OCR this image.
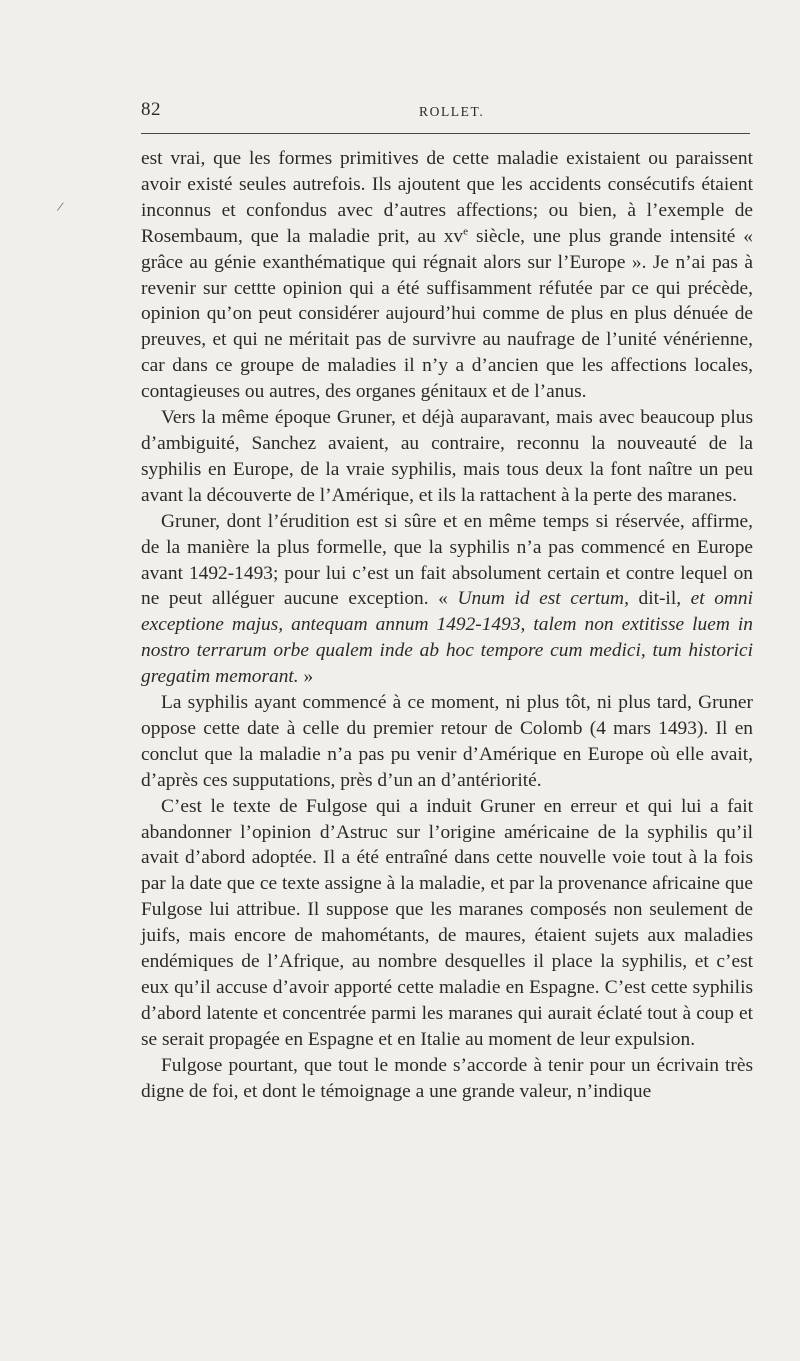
82	ROLLET.
/

est vrai, que les formes primitives de cette maladie existaient ou paraissent avoir existé seules autrefois. Ils ajoutent que les accidents consécutifs étaient inconnus et confondus avec d’autres affections; ou bien, à l’exemple de Rosembaum, que la maladie prit, au $xv^e$ siècle, une plus grande intensité « grâce au génie exanthématique qui régnait alors sur l’Europe ». Je n’ai pas à revenir sur cettte opinion qui a été suffisamment réfutée par ce qui précède, opinion qu’on peut considérer aujourd’hui comme de plus en plus dénuée de preuves, et qui ne méritait pas de survivre au naufrage de l’unité vénérienne, car dans ce groupe de maladies il n’y a d’ancien que les affections locales, contagieuses ou autres, des organes génitaux et de l’anus.

Vers la même époque Gruner, et déjà auparavant, mais avec beaucoup plus d’ambiguité, Sanchez avaient, au contraire, reconnu la nouveauté de la syphilis en Europe, de la vraie syphilis, mais tous deux la font naître un peu avant la découverte de l’Amérique, et ils la rattachent à la perte des maranes.

Gruner, dont l’érudition est si sûre et en même temps si réservée, affirme, de la manière la plus formelle, que la syphilis n’a pas commencé en Europe avant 1492-1493; pour lui c’est un fait absolument certain et contre lequel on ne peut alléguer aucune exception. « Unum id est certum, dit-il, et omni exceptione majus, antequam annum 1492-1493, talem non extitisse luem in nostro terrarum orbe qualem inde ab hoc tempore cum medici, tum historici gregatim memorant. »

La syphilis ayant commencé à ce moment, ni plus tôt, ni plus tard, Gruner oppose cette date à celle du premier retour de Colomb (4 mars 1493). Il en conclut que la maladie n’a pas pu venir d’Amérique en Europe où elle avait, d’après ces supputations, près d’un an d’antériorité.

C’est le texte de Fulgose qui a induit Gruner en erreur et qui lui a fait abandonner l’opinion d’Astruc sur l’origine américaine de la syphilis qu’il avait d’abord adoptée. Il a été entraîné dans cette nouvelle voie tout à la fois par la date que ce texte assigne à la maladie, et par la provenance africaine que Fulgose lui attribue. Il suppose que les maranes composés non seulement de juifs, mais encore de mahométants, de maures, étaient sujets aux maladies endémiques de l’Afrique, au nombre desquelles il place la syphilis, et c’est eux qu’il accuse d’avoir apporté cette maladie en Espagne. C’est cette syphilis d’abord latente et concentrée parmi les maranes qui aurait éclaté tout à coup et se serait propagée en Espagne et en Italie au moment de leur expulsion.

Fulgose pourtant, que tout le monde s’accorde à tenir pour un écrivain très digne de foi, et dont le témoignage a une grande valeur, n’indique
